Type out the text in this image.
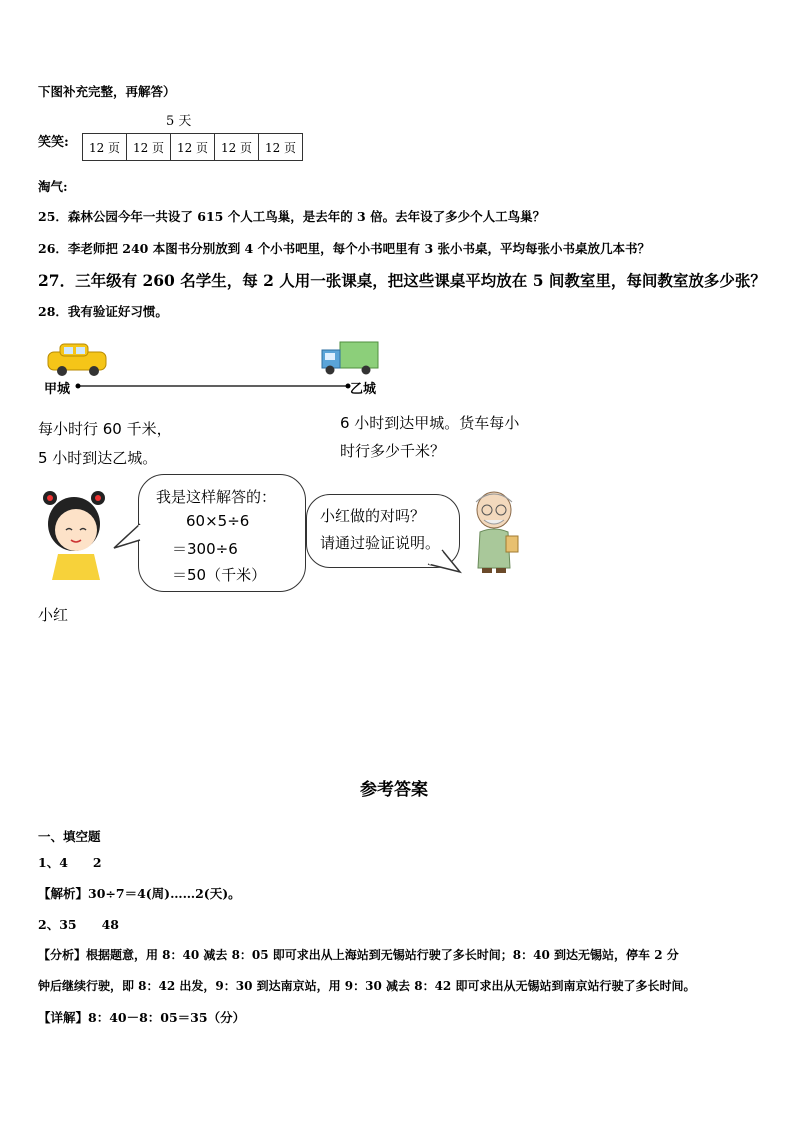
下图补充完整，再解答）
5 天
笑笑: 12 页	12 页	12 页	12 页	12 页
淘气:
25．森林公园今年一共设了 615 个人工鸟巢，是去年的 3 倍。去年设了多少个人工鸟巢？
26．李老师把 240 本图书分别放到 4 个小书吧里，每个小书吧里有 3 张小书桌，平均每张小书桌放几本书？
27．三年级有 260 名学生，每 2 人用一张课桌，把这些课桌平均放在 5 间教室里，每间教室放多少张？
28．我有验证好习惯。
甲城	乙城
每小时行 60 千米，
5 小时到达乙城。
6 小时到达甲城。货车每小
时行多少千米？
我是这样解答的：
60×5÷6
＝300÷6
＝50（千米）
小红做的对吗？
请通过验证说明。
小红
参考答案
一、填空题
1、4　　2
【解析】30÷7＝4(周)……2(天)。
2、35　　48
【分析】根据题意，用 8：40 减去 8：05 即可求出从上海站到无锡站行驶了多长时间；8：40 到达无锡站，停车 2 分
钟后继续行驶，即 8：42 出发，9：30 到达南京站，用 9：30 减去 8：42 即可求出从无锡站到南京站行驶了多长时间。
【详解】8：40－8：05＝35（分）
